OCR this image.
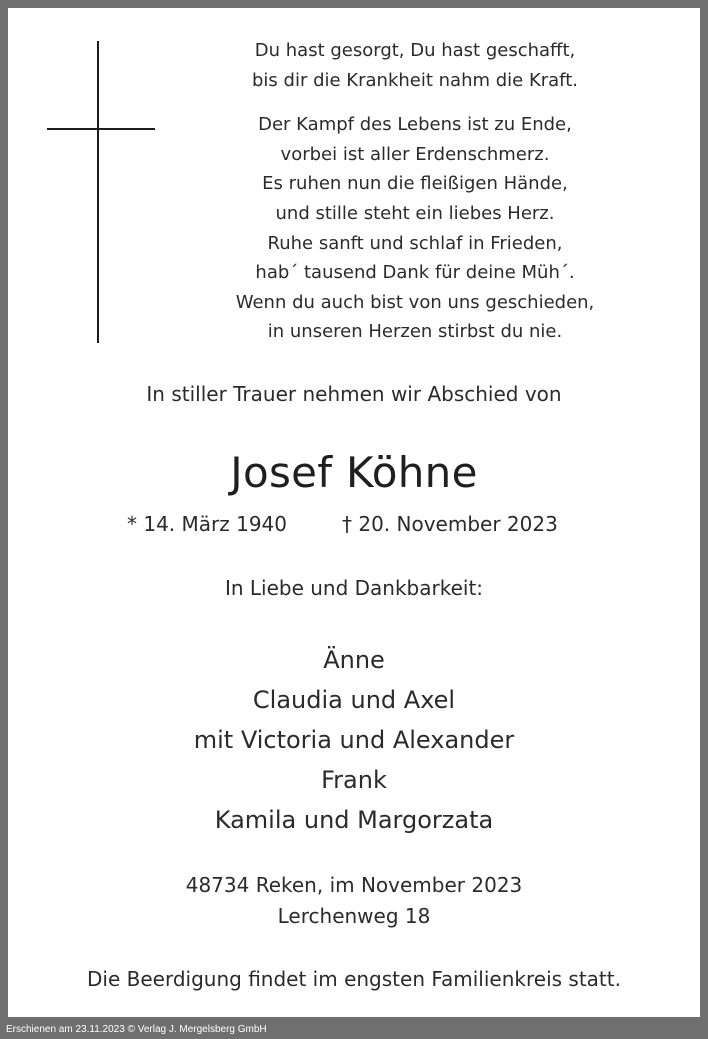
Du hast gesorgt, Du hast geschafft,
bis dir die Krankheit nahm die Kraft.

Der Kampf des Lebens ist zu Ende,
vorbei ist aller Erdenschmerz.
Es ruhen nun die fleißigen Hände,
und stille steht ein liebes Herz.
Ruhe sanft und schlaf in Frieden,
hab´ tausend Dank für deine Müh´.
Wenn du auch bist von uns geschieden,
in unseren Herzen stirbst du nie.

In stiller Trauer nehmen wir Abschied von
Josef Köhne
* 14. März 1940	† 20. November 2023
In Liebe und Dankbarkeit:
Änne
Claudia und Axel
mit Victoria und Alexander
Frank
Kamila und Margorzata
48734 Reken, im November 2023
Lerchenweg 18
Die Beerdigung findet im engsten Familienkreis statt.
Erschienen am 23.11.2023 © Verlag J. Mergelsberg GmbH
